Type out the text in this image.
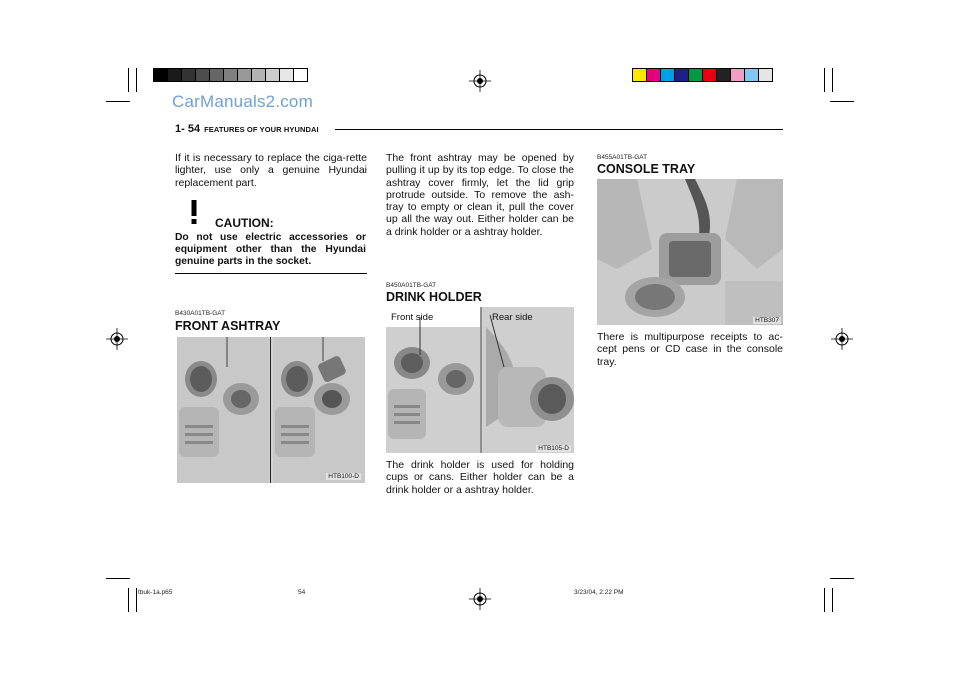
CarManuals2.com
1- 54 FEATURES OF YOUR HYUNDAI
If it is necessary to replace the ciga-rette lighter, use only a genuine Hyundai replacement part.
CAUTION:
Do not use electric accessories or equipment other than the Hyundai genuine parts in the socket.
B430A01TB-GAT
FRONT ASHTRAY
HTB100-D
The front ashtray may be opened by pulling it up by its top edge. To close the ashtray cover firmly, let the lid grip protrude outside. To remove the ash-tray to empty or clean it, pull the cover up all the way out. Either holder can be a drink holder or a ashtray holder.
B450A01TB-GAT
DRINK HOLDER
Front side	Rear side
HTB105-D
The drink holder is used for holding cups or cans. Either holder can be a drink holder or a ashtray holder.
B455A01TB-GAT
CONSOLE TRAY
HTB307
There is multipurpose receipts to ac-cept pens or CD case in the console tray.
tbuk-1a.p65	54	3/23/04, 2:22 PM
